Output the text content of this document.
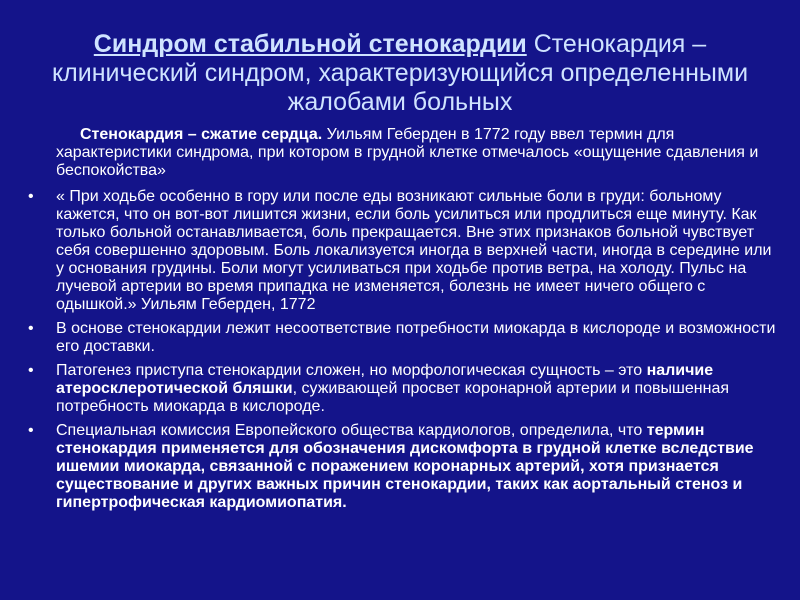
Синдром стабильной стенокардии Стенокардия – клинический синдром, характеризующийся определенными жалобами больных

Стенокардия – сжатие сердца. Уильям Геберден в 1772 году ввел термин для характеристики синдрома, при котором в грудной клетке отмечалось «ощущение сдавления и беспокойства»

• « При ходьбе особенно в гору или после еды возникают сильные боли в груди: больному кажется, что он вот-вот лишится жизни, если боль усилиться или продлиться еще минуту. Как только больной останавливается, боль прекращается. Вне этих признаков больной чувствует себя совершенно здоровым. Боль локализуется иногда в верхней части, иногда в середине или у основания грудины. Боли могут усиливаться при ходьбе против ветра, на холоду. Пульс на лучевой артерии во время припадка не изменяется, болезнь не имеет ничего общего с одышкой.» Уильям Геберден, 1772
• В основе стенокардии лежит несоответствие потребности миокарда в кислороде и возможности его доставки.
• Патогенез приступа стенокардии сложен, но морфологическая сущность – это наличие атеросклеротической бляшки, суживающей просвет коронарной артерии и повышенная потребность миокарда в кислороде.
• Специальная комиссия Европейского общества кардиологов, определила, что термин стенокардия применяется для обозначения дискомфорта в грудной клетке вследствие ишемии миокарда, связанной с поражением коронарных артерий, хотя признается существование и других важных причин стенокардии, таких как аортальный стеноз и гипертрофическая кардиомиопатия.
